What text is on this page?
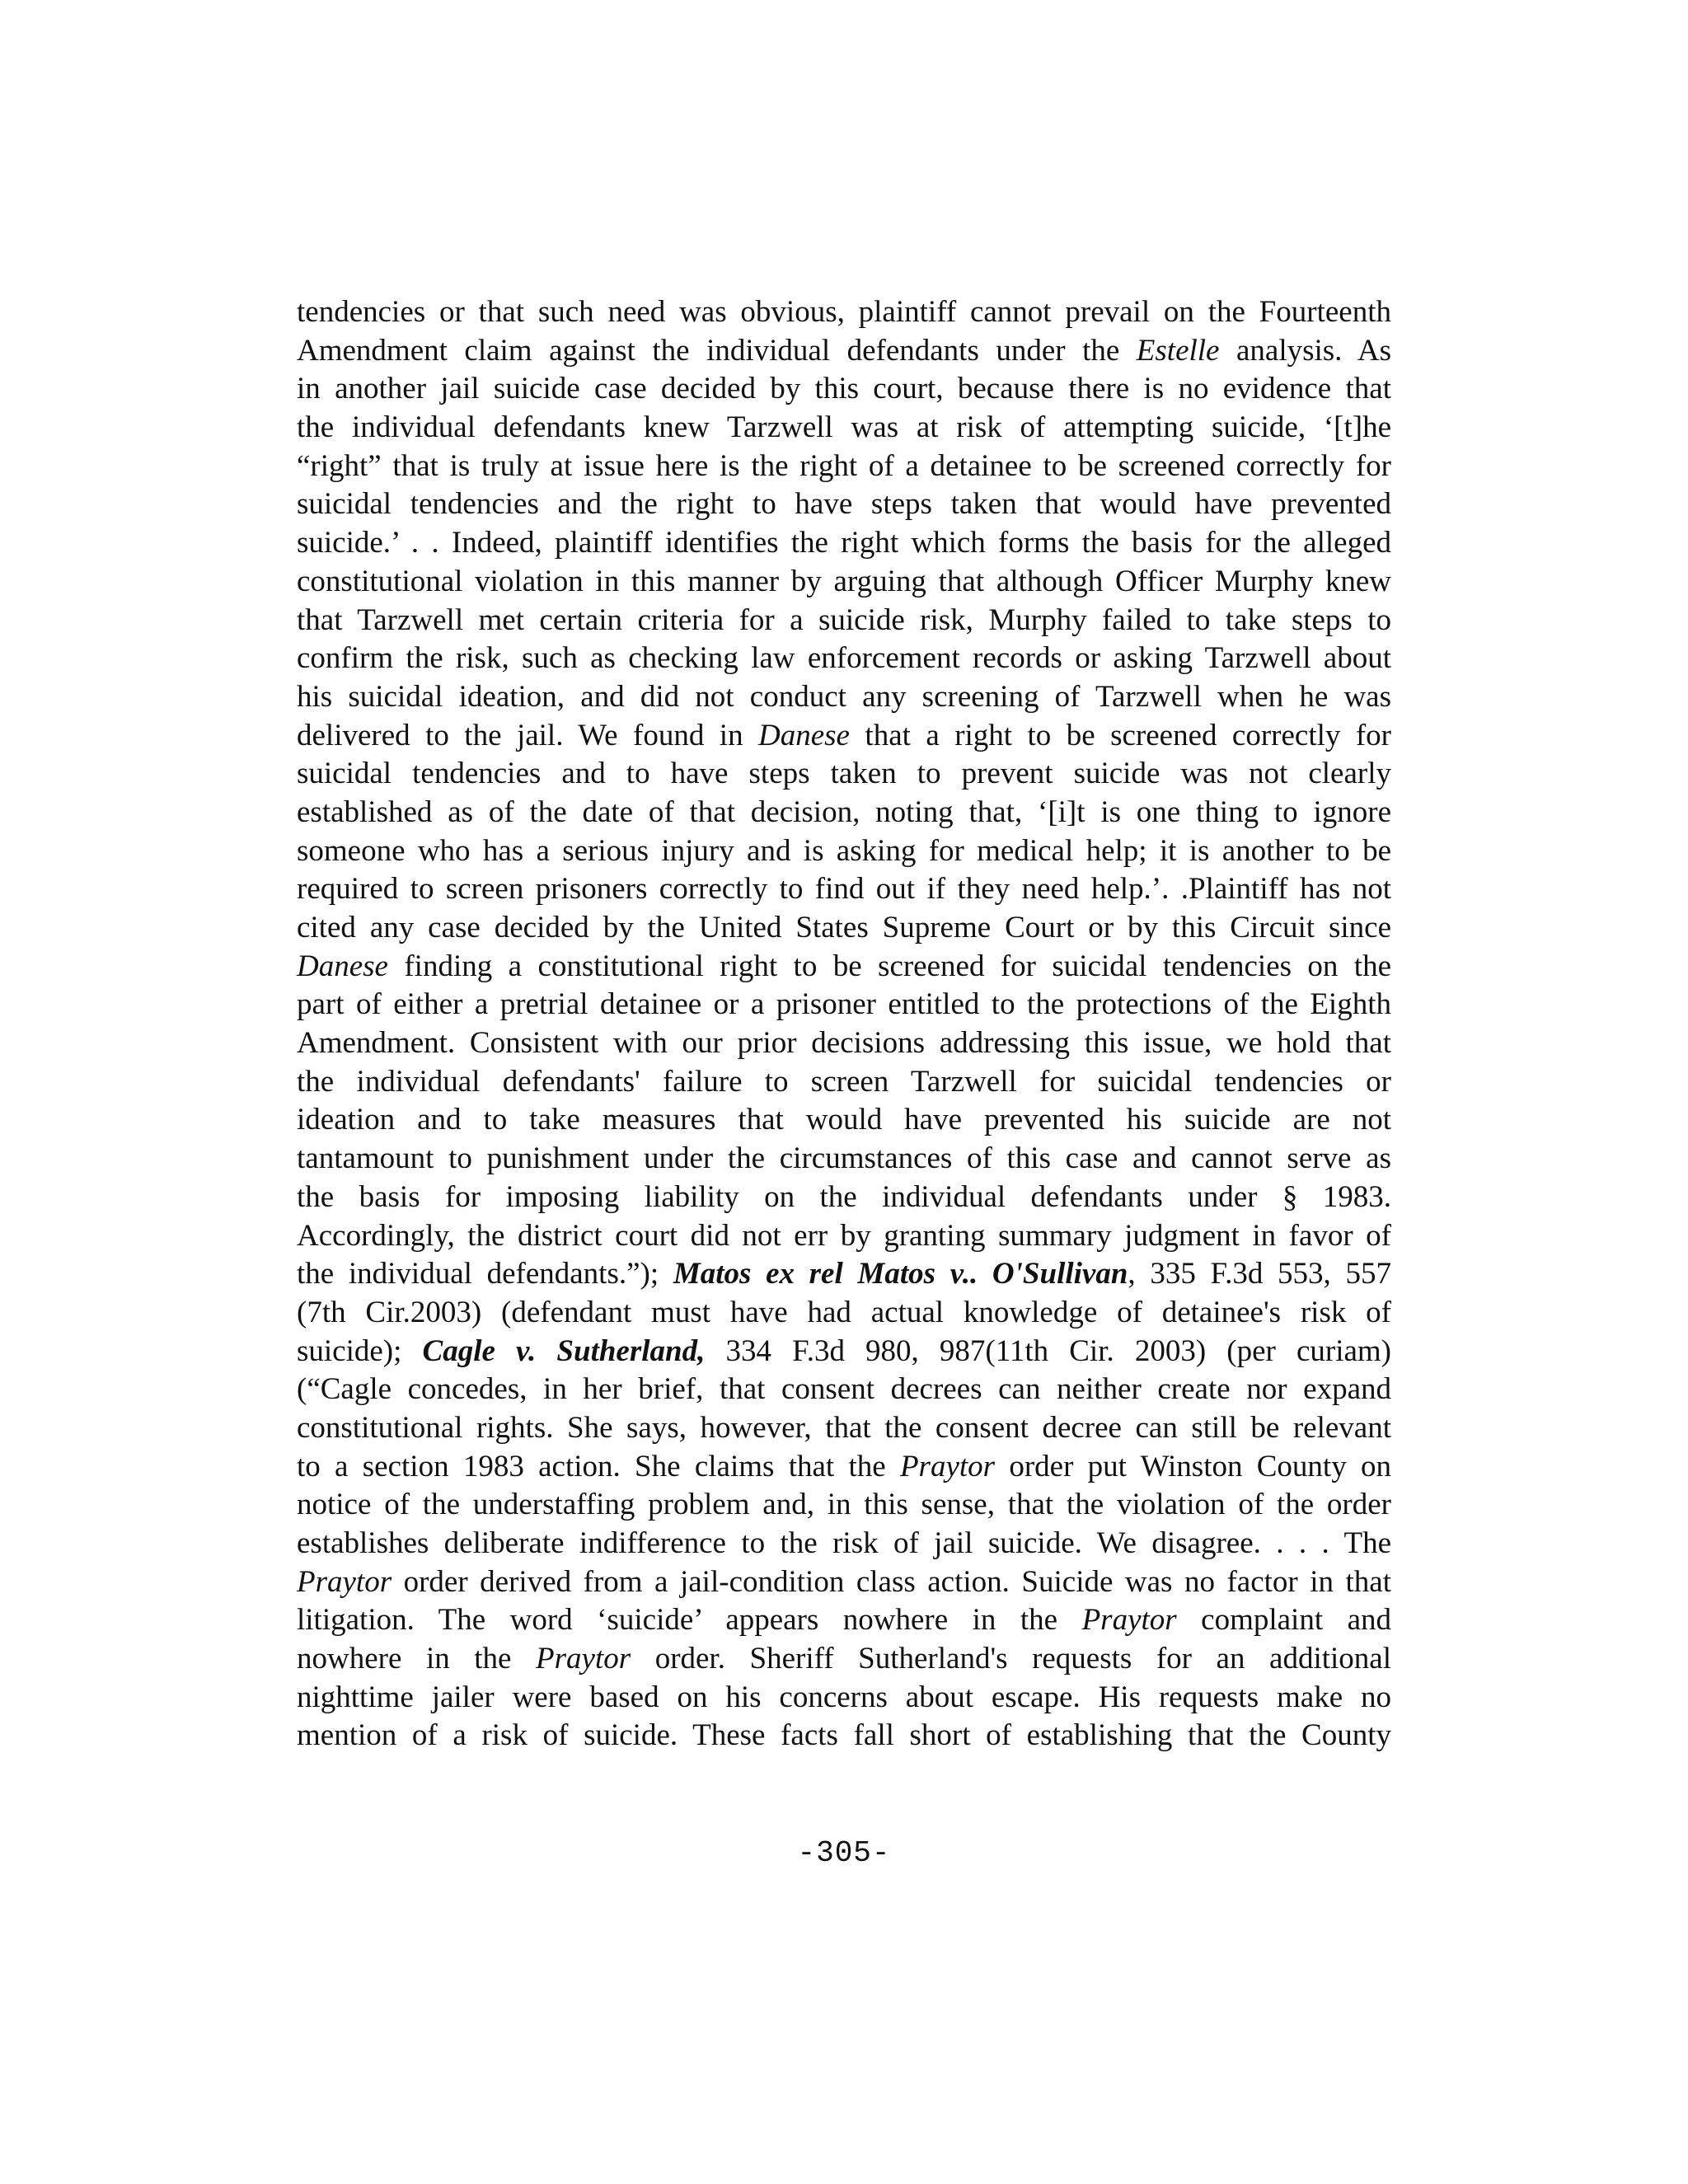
tendencies or that such need was obvious, plaintiff cannot prevail on the Fourteenth
Amendment claim against the individual defendants under the Estelle analysis. As
in another jail suicide case decided by this court, because there is no evidence that
the individual defendants knew Tarzwell was at risk of attempting suicide, ‘[t]he
“right” that is truly at issue here is the right of a detainee to be screened correctly for
suicidal tendencies and the right to have steps taken that would have prevented
suicide.’ . . Indeed, plaintiff identifies the right which forms the basis for the alleged
constitutional violation in this manner by arguing that although Officer Murphy knew
that Tarzwell met certain criteria for a suicide risk, Murphy failed to take steps to
confirm the risk, such as checking law enforcement records or asking Tarzwell about
his suicidal ideation, and did not conduct any screening of Tarzwell when he was
delivered to the jail. We found in Danese that a right to be screened correctly for
suicidal tendencies and to have steps taken to prevent suicide was not clearly
established as of the date of that decision, noting that, ‘[i]t is one thing to ignore
someone who has a serious injury and is asking for medical help; it is another to be
required to screen prisoners correctly to find out if they need help.’. .Plaintiff has not
cited any case decided by the United States Supreme Court or by this Circuit since
Danese finding a constitutional right to be screened for suicidal tendencies on the
part of either a pretrial detainee or a prisoner entitled to the protections of the Eighth
Amendment. Consistent with our prior decisions addressing this issue, we hold that
the individual defendants' failure to screen Tarzwell for suicidal tendencies or
ideation and to take measures that would have prevented his suicide are not
tantamount to punishment under the circumstances of this case and cannot serve as
the basis for imposing liability on the individual defendants under § 1983.
Accordingly, the district court did not err by granting summary judgment in favor of
the individual defendants.”); Matos ex rel Matos v.. O'Sullivan, 335 F.3d 553, 557
(7th Cir.2003) (defendant must have had actual knowledge of detainee's risk of
suicide); Cagle v. Sutherland, 334 F.3d 980, 987(11th Cir. 2003) (per curiam)
(“Cagle concedes, in her brief, that consent decrees can neither create nor expand
constitutional rights. She says, however, that the consent decree can still be relevant
to a section 1983 action. She claims that the Praytor order put Winston County on
notice of the understaffing problem and, in this sense, that the violation of the order
establishes deliberate indifference to the risk of jail suicide. We disagree. . . . The
Praytor order derived from a jail-condition class action. Suicide was no factor in that
litigation. The word ‘suicide’ appears nowhere in the Praytor complaint and
nowhere in the Praytor order. Sheriff Sutherland's requests for an additional
nighttime jailer were based on his concerns about escape. His requests make no
mention of a risk of suicide. These facts fall short of establishing that the County
-305-
